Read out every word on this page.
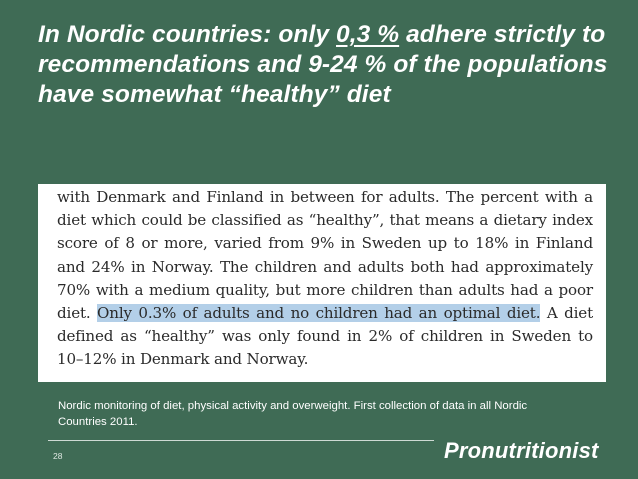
In Nordic countries: only 0,3 % adhere strictly to recommendations and 9-24 % of the populations have somewhat “healthy” diet

with Denmark and Finland in between for adults. The percent with a diet which could be classified as “healthy”, that means a dietary index score of 8 or more, varied from 9% in Sweden up to 18% in Finland and 24% in Norway. The children and adults both had approximately 70% with a medium quality, but more children than adults had a poor diet. Only 0.3% of adults and no children had an optimal diet. A diet defined as “healthy” was only found in 2% of children in Sweden to 10–12% in Denmark and Norway.

Nordic monitoring of diet, physical activity and overweight. First collection of data in all Nordic Countries 2011.

28	Pronutritionist
